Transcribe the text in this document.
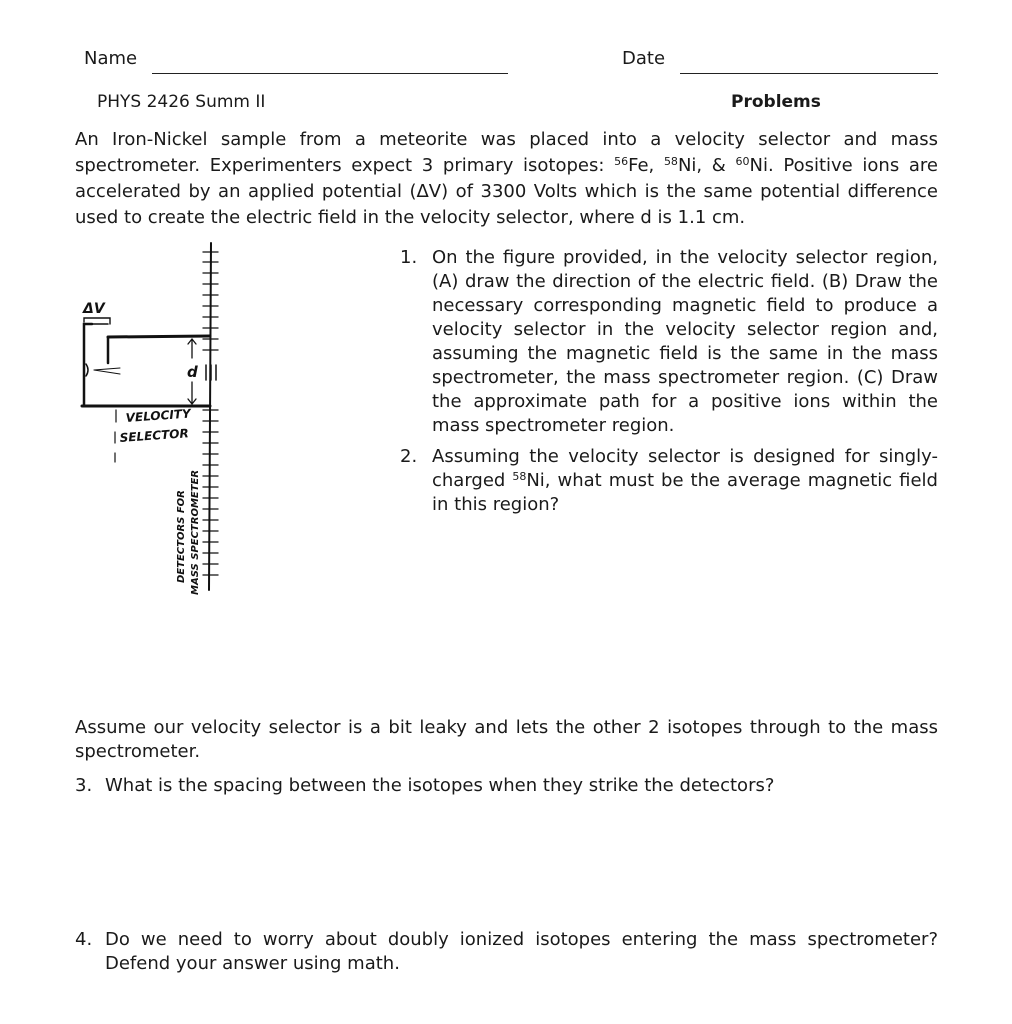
Name	Date
PHYS 2426 Summ II	Problems
An Iron-Nickel sample from a meteorite was placed into a velocity selector and mass spectrometer. Experimenters expect 3 primary isotopes: $^{56}$Fe, $^{58}$Ni, & $^{60}$Ni. Positive ions are accelerated by an applied potential (ΔV) of 3300 Volts which is the same potential difference used to create the electric field in the velocity selector, where d is 1.1 cm.
ΔV
d
VELOCITY
SELECTOR
DETECTORS FOR MASS SPECTROMETER
1. On the figure provided, in the velocity selector region, (A) draw the direction of the electric field. (B) Draw the necessary corresponding magnetic field to produce a velocity selector in the velocity selector region and, assuming the magnetic field is the same in the mass spectrometer, the mass spectrometer region. (C) Draw the approximate path for a positive ions within the mass spectrometer region.
2. Assuming the velocity selector is designed for singly-charged $^{58}$Ni, what must be the average magnetic field in this region?
Assume our velocity selector is a bit leaky and lets the other 2 isotopes through to the mass spectrometer.
3. What is the spacing between the isotopes when they strike the detectors?
4. Do we need to worry about doubly ionized isotopes entering the mass spectrometer? Defend your answer using math.
